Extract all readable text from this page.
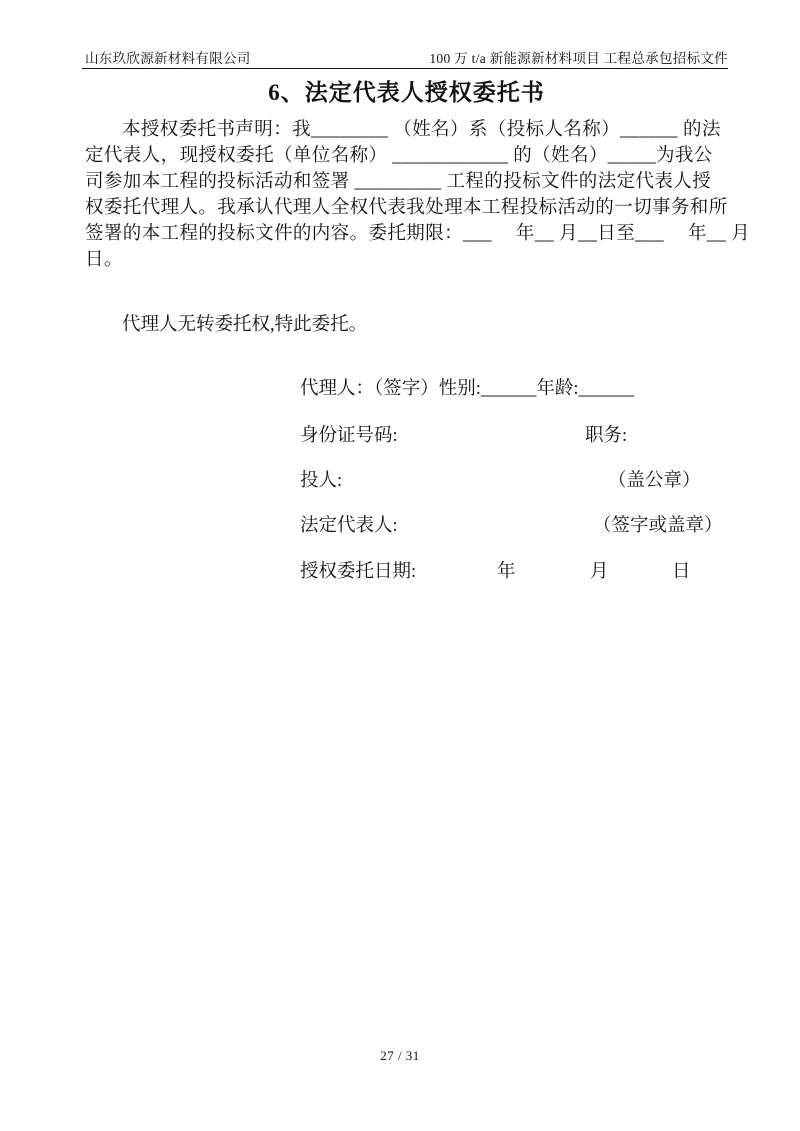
山东玖欣源新材料有限公司	100 万 t/a 新能源新材料项目 工程总承包招标文件
6、法定代表人授权委托书
本授权委托书声明：我________ （姓名）系（投标人名称）______ 的法
定代表人，现授权委托（单位名称） ____________ 的（姓名）_____为我公
司参加本工程的投标活动和签署 _________ 工程的投标文件的法定代表人授
权委托代理人。我承认代理人全权代表我处理本工程投标活动的一切事务和所
签署的本工程的投标文件的内容。委托期限：___　 年__ 月__日至___　 年__ 月
日。
代理人无转委托权,特此委托。
代理人：（签字）性别:______年龄:______
身份证号码:	职务:
投人:	（盖公章）
法定代表人:	（签字或盖章）
授权委托日期:	年	月	日
27 / 31
